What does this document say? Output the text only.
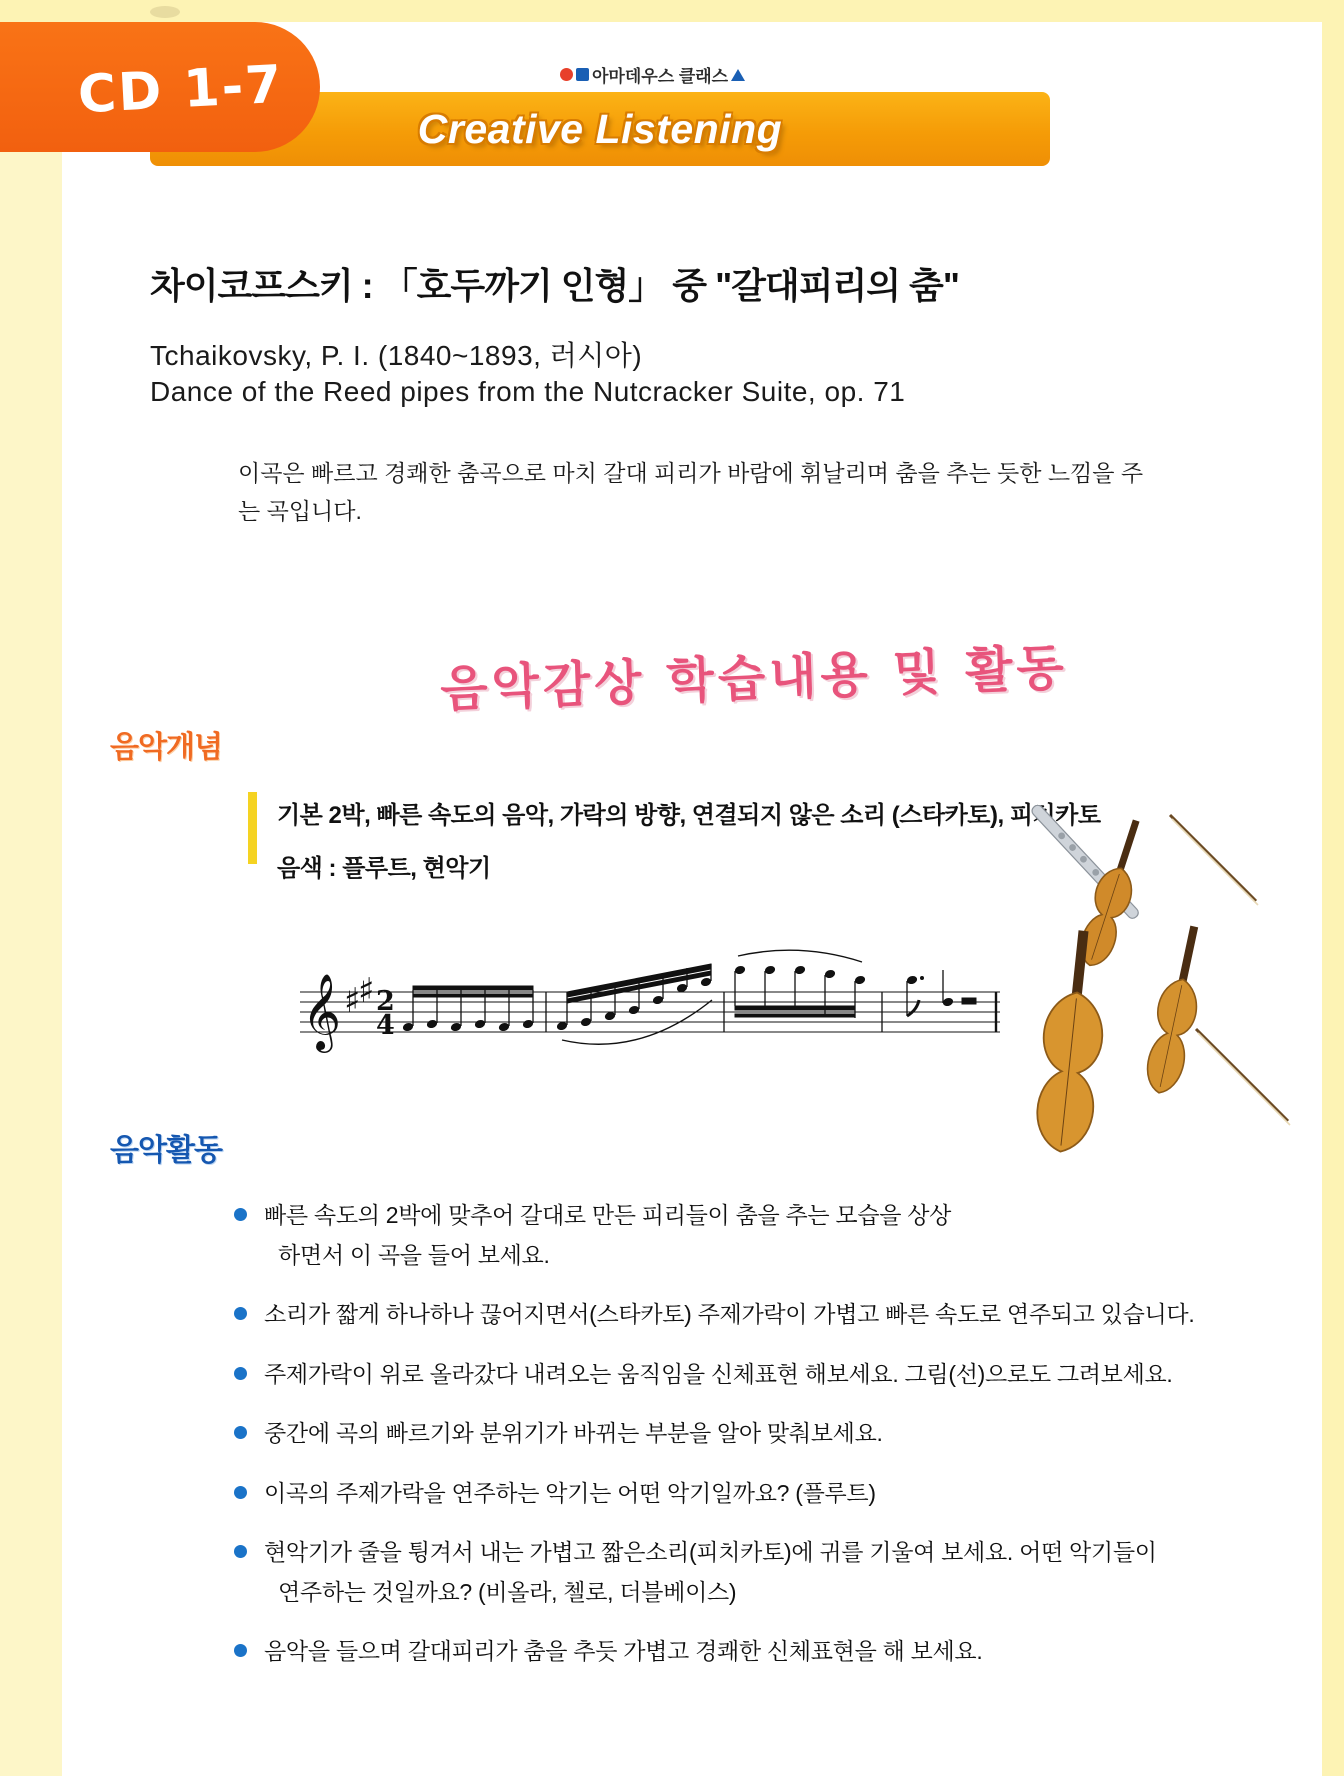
아마데우스 클래스
Creative Listening
CD 1-7
차이코프스키 : 「호두까기 인형」 중 "갈대피리의 춤"
Tchaikovsky, P. I. (1840~1893, 러시아)
Dance of the Reed pipes from the Nutcracker Suite, op. 71
이곡은 빠르고 경쾌한 춤곡으로 마치 갈대 피리가 바람에 휘날리며 춤을 추는 듯한 느낌을 주는 곡입니다.
음악감상 학습내용 및 활동
음악개념
기본 2박, 빠른 속도의 음악, 가락의 방향, 연결되지 않은 소리 (스타카토), 피치카토
음색 : 플루트, 현악기
𝄞 ♯
♯ 2
4
음악활동
빠른 속도의 2박에 맞추어 갈대로 만든 피리들이 춤을 추는 모습을 상상
하면서 이 곡을 들어 보세요.
소리가 짧게 하나하나 끊어지면서(스타카토) 주제가락이 가볍고 빠른 속도로 연주되고 있습니다.
주제가락이 위로 올라갔다 내려오는 움직임을 신체표현 해보세요. 그림(선)으로도 그려보세요.
중간에 곡의 빠르기와 분위기가 바뀌는 부분을 알아 맞춰보세요.
이곡의 주제가락을 연주하는 악기는 어떤 악기일까요? (플루트)
현악기가 줄을 튕겨서 내는 가볍고 짧은소리(피치카토)에 귀를 기울여 보세요. 어떤 악기들이
연주하는 것일까요? (비올라, 첼로, 더블베이스)
음악을 들으며 갈대피리가 춤을 추듯 가볍고 경쾌한 신체표현을 해 보세요.
